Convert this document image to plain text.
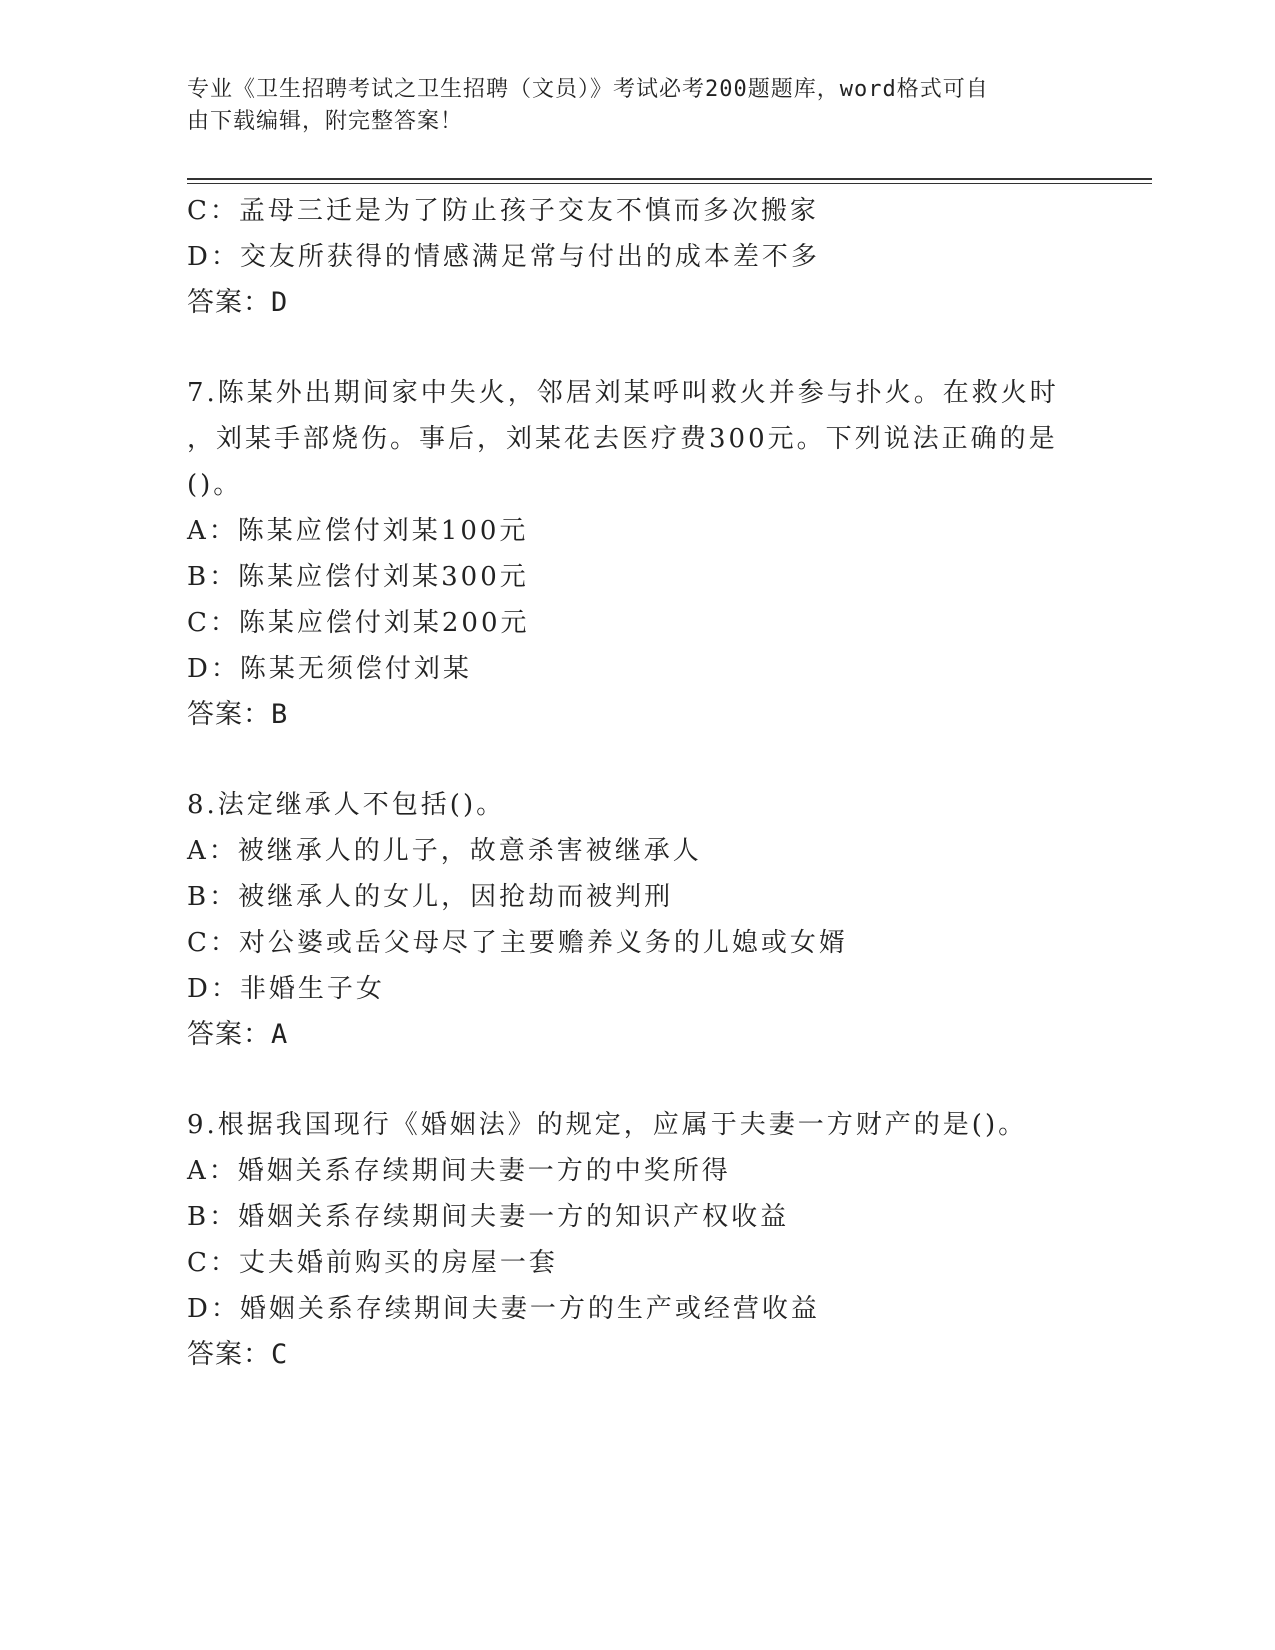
专业《卫生招聘考试之卫生招聘（文员）》考试必考200题题库，word格式可自
由下载编辑，附完整答案！
C：孟母三迁是为了防止孩子交友不慎而多次搬家
D：交友所获得的情感满足常与付出的成本差不多
答案：D
7.陈某外出期间家中失火，邻居刘某呼叫救火并参与扑火。在救火时
，刘某手部烧伤。事后，刘某花去医疗费300元。下列说法正确的是
()。
A：陈某应偿付刘某100元
B：陈某应偿付刘某300元
C：陈某应偿付刘某200元
D：陈某无须偿付刘某
答案：B
8.法定继承人不包括()。
A：被继承人的儿子，故意杀害被继承人
B：被继承人的女儿，因抢劫而被判刑
C：对公婆或岳父母尽了主要赡养义务的儿媳或女婿
D：非婚生子女
答案：A
9.根据我国现行《婚姻法》的规定，应属于夫妻一方财产的是()。
A：婚姻关系存续期间夫妻一方的中奖所得
B：婚姻关系存续期间夫妻一方的知识产权收益
C：丈夫婚前购买的房屋一套
D：婚姻关系存续期间夫妻一方的生产或经营收益
答案：C
